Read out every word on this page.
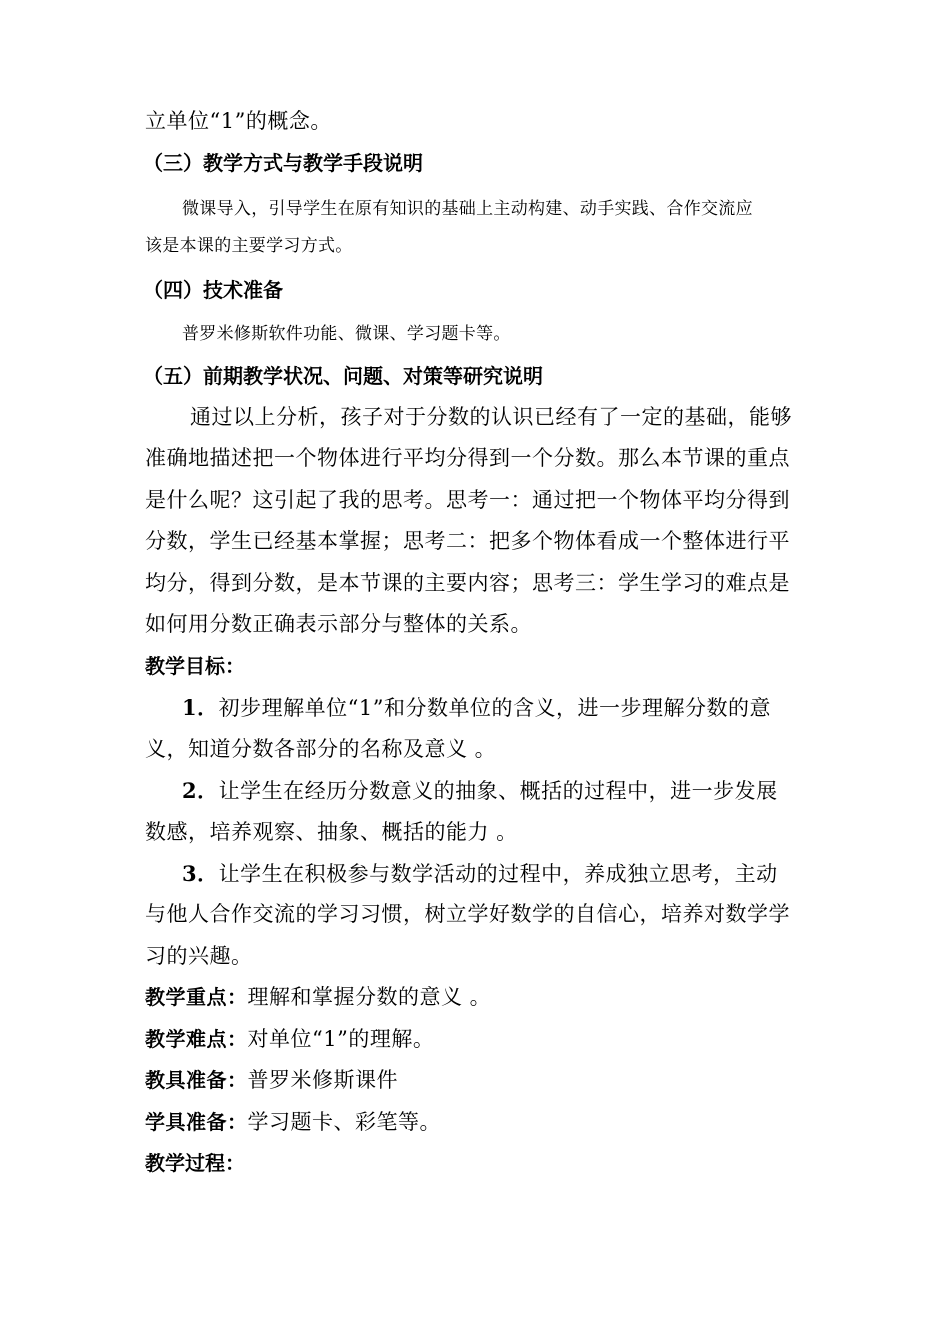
立单位“1”的概念。
（三）教学方式与教学手段说明
微课导入，引导学生在原有知识的基础上主动构建、动手实践、合作交流应
该是本课的主要学习方式。
（四）技术准备
普罗米修斯软件功能、微课、学习题卡等。
（五）前期教学状况、问题、对策等研究说明
通过以上分析，孩子对于分数的认识已经有了一定的基础，能够
准确地描述把一个物体进行平均分得到一个分数。那么本节课的重点
是什么呢？这引起了我的思考。思考一：通过把一个物体平均分得到
分数，学生已经基本掌握；思考二：把多个物体看成一个整体进行平
均分，得到分数，是本节课的主要内容；思考三：学生学习的难点是
如何用分数正确表示部分与整体的关系。
教学目标：
1．初步理解单位“1”和分数单位的含义，进一步理解分数的意
义，知道分数各部分的名称及意义 。
2．让学生在经历分数意义的抽象、概括的过程中，进一步发展
数感，培养观察、抽象、概括的能力 。
3．让学生在积极参与数学活动的过程中，养成独立思考，主动
与他人合作交流的学习习惯，树立学好数学的自信心，培养对数学学
习的兴趣。
教学重点：理解和掌握分数的意义 。
教学难点：对单位“1”的理解。
教具准备：普罗米修斯课件
学具准备：学习题卡、彩笔等。
教学过程：
